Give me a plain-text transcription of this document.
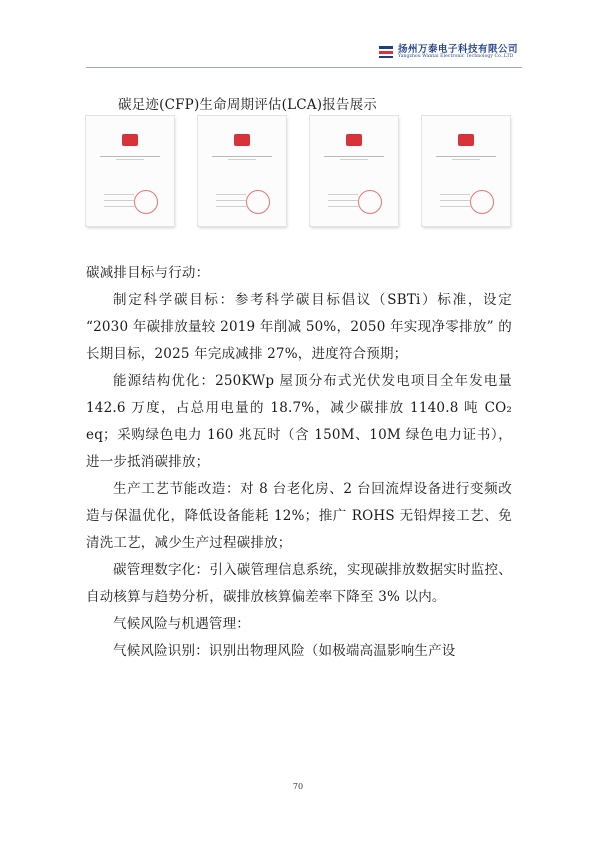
扬州万泰电子科技有限公司
Yangzhou Wantai Electronic Technology Co.,LTD
碳足迹(CFP)生命周期评估(LCA)报告展示

碳减排目标与行动：

制定科学碳目标：参考科学碳目标倡议（SBTi）标准，设定 “2030 年碳排放量较 2019 年削减 50%，2050 年实现净零排放” 的长期目标，2025 年完成减排 27%，进度符合预期；

能源结构优化：250KWp 屋顶分布式光伏发电项目全年发电量 142.6 万度，占总用电量的 18.7%，减少碳排放 1140.8 吨 CO₂ eq；采购绿色电力 160 兆瓦时（含 150M、10M 绿色电力证书），进一步抵消碳排放；

生产工艺节能改造：对 8 台老化房、2 台回流焊设备进行变频改造与保温优化，降低设备能耗 12%；推广 ROHS 无铅焊接工艺、免清洗工艺，减少生产过程碳排放；

碳管理数字化：引入碳管理信息系统，实现碳排放数据实时监控、自动核算与趋势分析，碳排放核算偏差率下降至 3% 以内。

气候风险与机遇管理：

气候风险识别：识别出物理风险（如极端高温影响生产设

70
